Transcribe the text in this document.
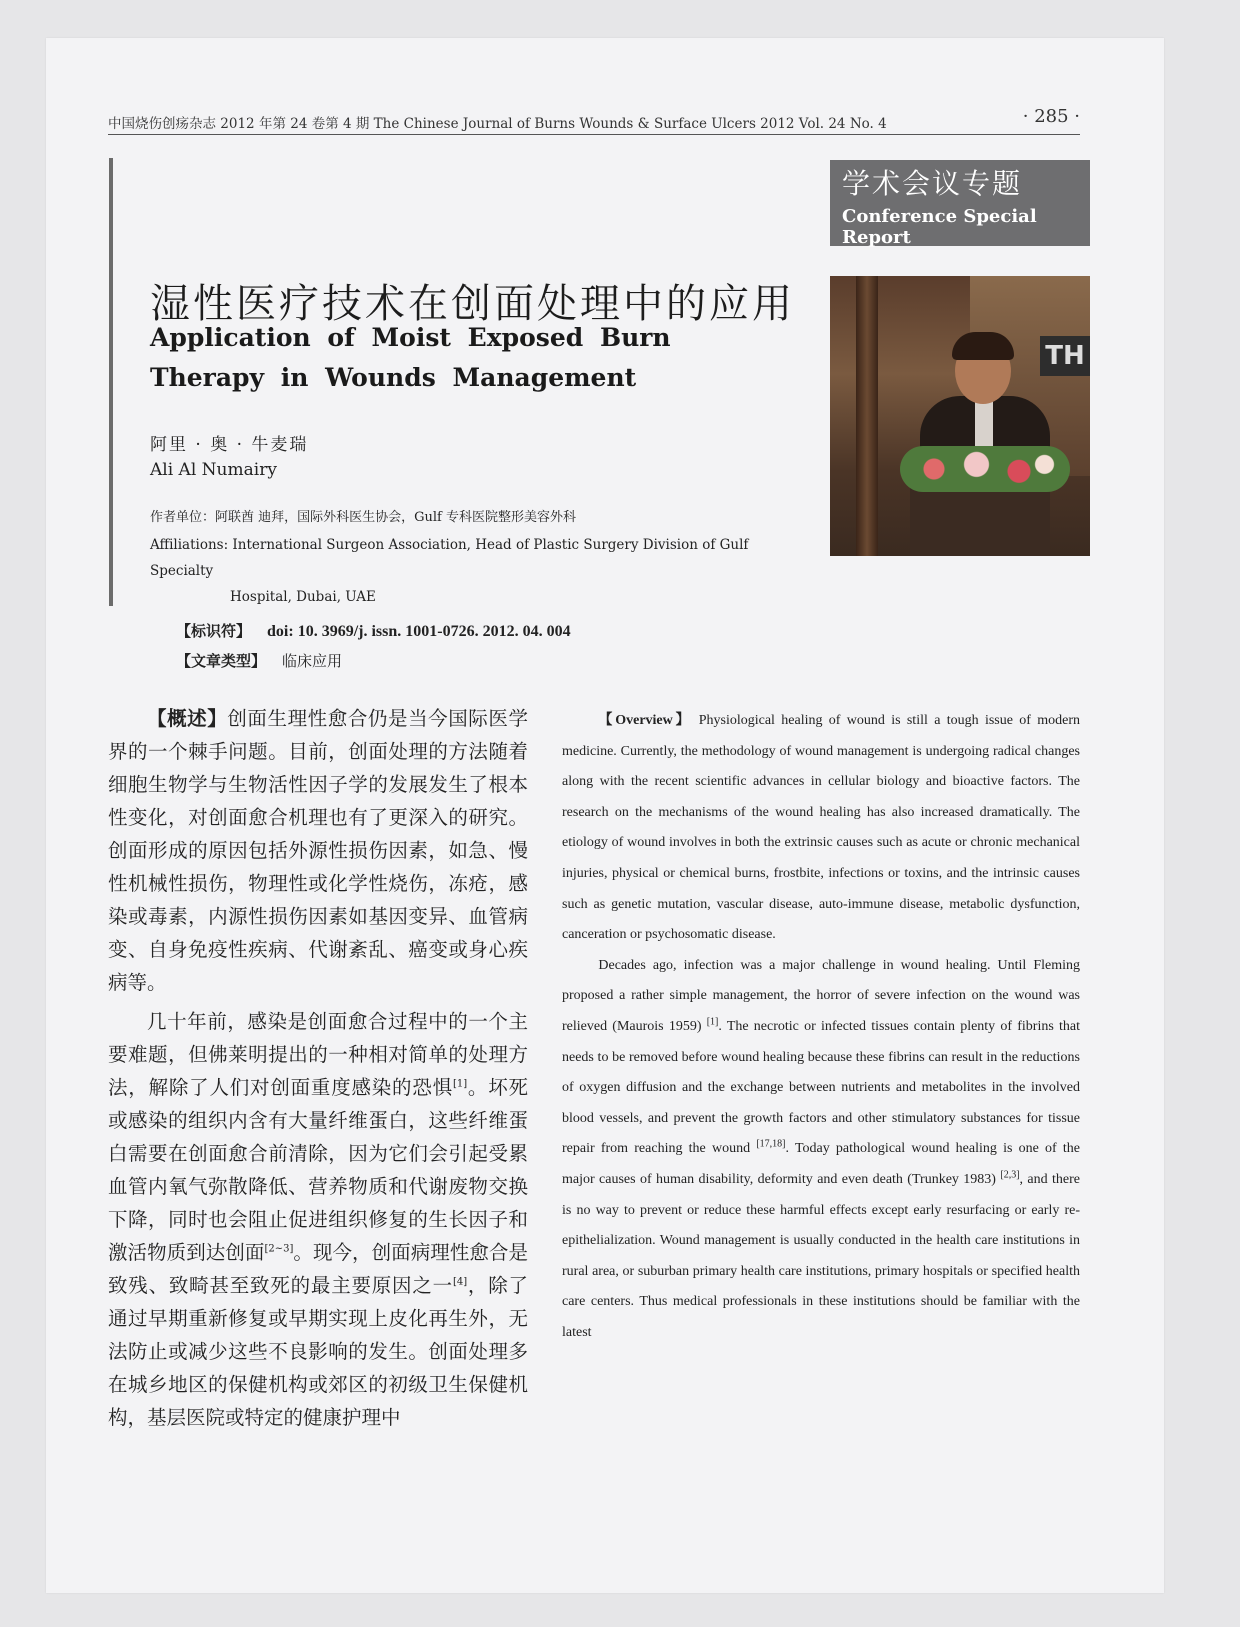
中国烧伤创疡杂志 2012 年第 24 卷第 4 期 The Chinese Journal of Burns Wounds & Surface Ulcers 2012 Vol. 24 No. 4	· 285 ·
学术会议专题
Conference Special Report
TH
湿性医疗技术在创面处理中的应用
Application of Moist Exposed Burn Therapy in Wounds Management
阿里 · 奥 · 牛麦瑞
Ali Al Numairy
作者单位：阿联酋 迪拜，国际外科医生协会，Gulf 专科医院整形美容外科
Affiliations: International Surgeon Association, Head of Plastic Surgery Division of Gulf Specialty
Hospital, Dubai, UAE
【标识符】 doi: 10. 3969/j. issn. 1001-0726. 2012. 04. 004
【文章类型】 临床应用

【概述】创面生理性愈合仍是当今国际医学界的一个棘手问题。目前，创面处理的方法随着细胞生物学与生物活性因子学的发展发生了根本性变化，对创面愈合机理也有了更深入的研究。创面形成的原因包括外源性损伤因素，如急、慢性机械性损伤，物理性或化学性烧伤，冻疮，感染或毒素，内源性损伤因素如基因变异、血管病变、自身免疫性疾病、代谢紊乱、癌变或身心疾病等。

几十年前，感染是创面愈合过程中的一个主要难题，但佛莱明提出的一种相对简单的处理方法，解除了人们对创面重度感染的恐惧[1]。坏死或感染的组织内含有大量纤维蛋白，这些纤维蛋白需要在创面愈合前清除，因为它们会引起受累血管内氧气弥散降低、营养物质和代谢废物交换下降，同时也会阻止促进组织修复的生长因子和激活物质到达创面[2~3]。现今，创面病理性愈合是致残、致畸甚至致死的最主要原因之一[4]，除了通过早期重新修复或早期实现上皮化再生外，无法防止或减少这些不良影响的发生。创面处理多在城乡地区的保健机构或郊区的初级卫生保健机构，基层医院或特定的健康护理中

【Overview】 Physiological healing of wound is still a tough issue of modern medicine. Currently, the methodology of wound management is undergoing radical changes along with the recent scientific advances in cellular biology and bioactive factors. The research on the mechanisms of the wound healing has also increased dramatically. The etiology of wound involves in both the extrinsic causes such as acute or chronic mechanical injuries, physical or chemical burns, frostbite, infections or toxins, and the intrinsic causes such as genetic mutation, vascular disease, auto-immune disease, metabolic dysfunction, canceration or psychosomatic disease.

Decades ago, infection was a major challenge in wound healing. Until Fleming proposed a rather simple management, the horror of severe infection on the wound was relieved (Maurois 1959) [1]. The necrotic or infected tissues contain plenty of fibrins that needs to be removed before wound healing because these fibrins can result in the reductions of oxygen diffusion and the exchange between nutrients and metabolites in the involved blood vessels, and prevent the growth factors and other stimulatory substances for tissue repair from reaching the wound [17,18]. Today pathological wound healing is one of the major causes of human disability, deformity and even death (Trunkey 1983) [2,3], and there is no way to prevent or reduce these harmful effects except early resurfacing or early re-epithelialization. Wound management is usually conducted in the health care institutions in rural area, or suburban primary health care institutions, primary hospitals or specified health care centers. Thus medical professionals in these institutions should be familiar with the latest
